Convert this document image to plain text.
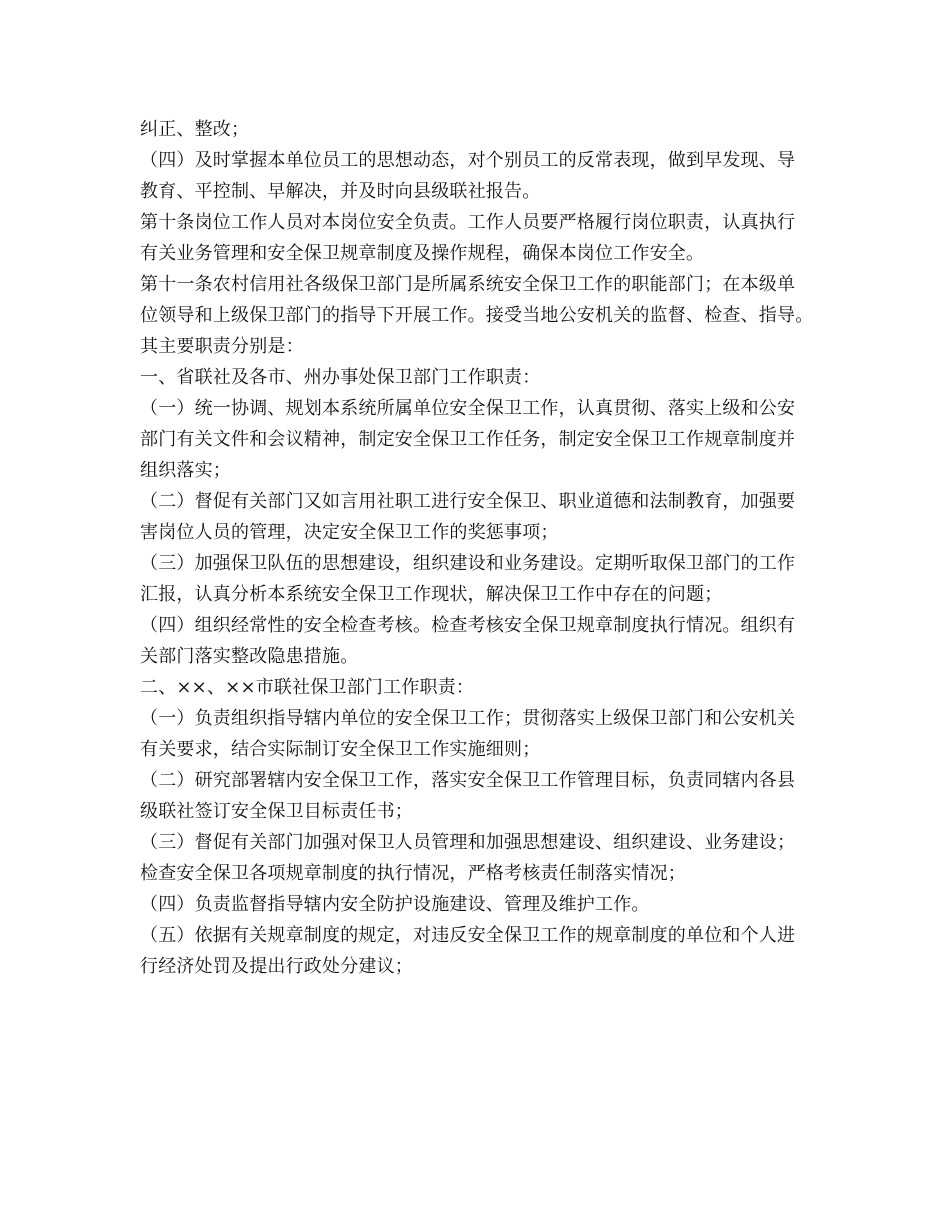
纠正、整改；

（四）及时掌握本单位员工的思想动态，对个别员工的反常表现，做到早发现、导

教育、平控制、早解决，并及时向县级联社报告。

第十条岗位工作人员对本岗位安全负责。工作人员要严格履行岗位职责，认真执行

有关业务管理和安全保卫规章制度及操作规程，确保本岗位工作安全。

第十一条农村信用社各级保卫部门是所属系统安全保卫工作的职能部门；在本级单

位领导和上级保卫部门的指导下开展工作。接受当地公安机关的监督、检查、指导。

其主要职责分别是：

一、省联社及各市、州办事处保卫部门工作职责：

（一）统一协调、规划本系统所属单位安全保卫工作，认真贯彻、落实上级和公安

部门有关文件和会议精神，制定安全保卫工作任务，制定安全保卫工作规章制度并

组织落实；

（二）督促有关部门又如言用社职工进行安全保卫、职业道德和法制教育，加强要

害岗位人员的管理，决定安全保卫工作的奖惩事项；

（三）加强保卫队伍的思想建设，组织建设和业务建设。定期听取保卫部门的工作

汇报，认真分析本系统安全保卫工作现状，解决保卫工作中存在的问题；

（四）组织经常性的安全检查考核。检查考核安全保卫规章制度执行情况。组织有

关部门落实整改隐患措施。

二、××、××市联社保卫部门工作职责：

（一）负责组织指导辖内单位的安全保卫工作；贯彻落实上级保卫部门和公安机关

有关要求，结合实际制订安全保卫工作实施细则；

（二）研究部署辖内安全保卫工作，落实安全保卫工作管理目标，负责同辖内各县

级联社签订安全保卫目标责任书；

（三）督促有关部门加强对保卫人员管理和加强思想建设、组织建设、业务建设；

检查安全保卫各项规章制度的执行情况，严格考核责任制落实情况；

（四）负责监督指导辖内安全防护设施建设、管理及维护工作。

（五）依据有关规章制度的规定，对违反安全保卫工作的规章制度的单位和个人进

行经济处罚及提出行政处分建议；
